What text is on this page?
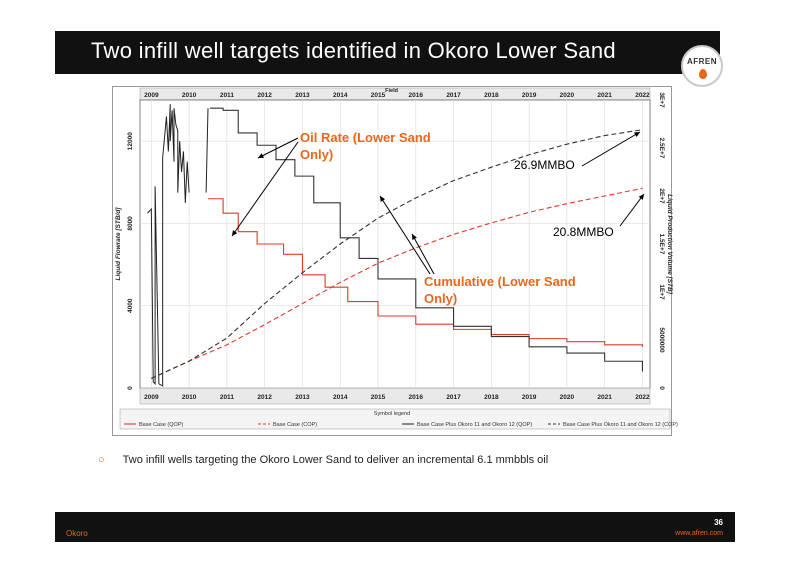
Two infill well targets identified in Okoro Lower Sand	AFREN
2009
2009
2010
2010
2011
2011
2012
2012
2013
2013
2014
2014
2015
2015
2016
2016
2017
2017
2018
2018
2019
2019
2020
2020
2021
2021
2022
2022
Field
0
4000
8000
12000
0
5000000
1E+7
1.5E+7
2E+7
2.5E+7
3E+7
Liquid Flowrate [STB/d]	Liquid Production Volume [STB]
Oil Rate (Lower Sand
Only)
Cumulative (Lower Sand
Only)
26.9MMBO
20.8MMBO
Symbol legend
Base Case (QOP)	Base Case (COP)	Base Case Plus Okoro 11 and Okoro 12 (QOP)	Base Case Plus Okoro 11 and Okoro 12 (COP)
○ Two infill wells targeting the Okoro Lower Sand to deliver an incremental 6.1 mmbbls oil
Okoro
36
www.afren.com
